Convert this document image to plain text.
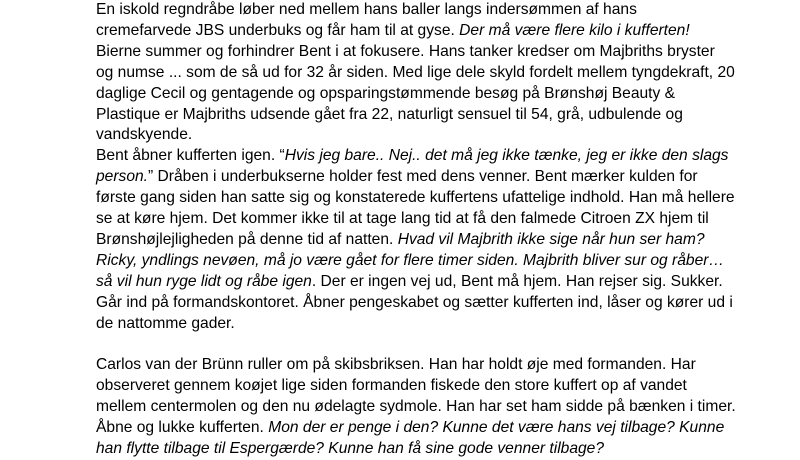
En iskold regndråbe løber ned mellem hans baller langs indersømmen af hans cremefarvede JBS underbuks og får ham til at gyse. Der må være flere kilo i kufferten! Bierne summer og forhindrer Bent i at fokusere. Hans tanker kredser om Majbriths bryster og numse ... som de så ud for 32 år siden. Med lige dele skyld fordelt mellem tyngdekraft, 20 daglige Cecil og gentagende og opsparingstømmende besøg på Brønshøj Beauty & Plastique er Majbriths udsende gået fra 22, naturligt sensuel til 54, grå, udbulende og vandskyende.

Bent åbner kufferten igen. “Hvis jeg bare.. Nej.. det må jeg ikke tænke, jeg er ikke den slags person.” Dråben i underbukserne holder fest med dens venner. Bent mærker kulden for første gang siden han satte sig og konstaterede kuffertens ufattelige indhold. Han må hellere se at køre hjem. Det kommer ikke til at tage lang tid at få den falmede Citroen ZX hjem til Brønshøjlejligheden på denne tid af natten. Hvad vil Majbrith ikke sige når hun ser ham? Ricky, yndlings nevøen, må jo være gået for flere timer siden. Majbrith bliver sur og råber… så vil hun ryge lidt og råbe igen. Der er ingen vej ud, Bent må hjem. Han rejser sig. Sukker. Går ind på formandskontoret. Åbner pengeskabet og sætter kufferten ind, låser og kører ud i de nattomme gader.

Carlos van der Brünn ruller om på skibsbriksen. Han har holdt øje med formanden. Har observeret gennem koøjet lige siden formanden fiskede den store kuffert op af vandet mellem centermolen og den nu ødelagte sydmole. Han har set ham sidde på bænken i timer. Åbne og lukke kufferten. Mon der er penge i den? Kunne det være hans vej tilbage? Kunne han flytte tilbage til Espergærde? Kunne han få sine gode venner tilbage?
